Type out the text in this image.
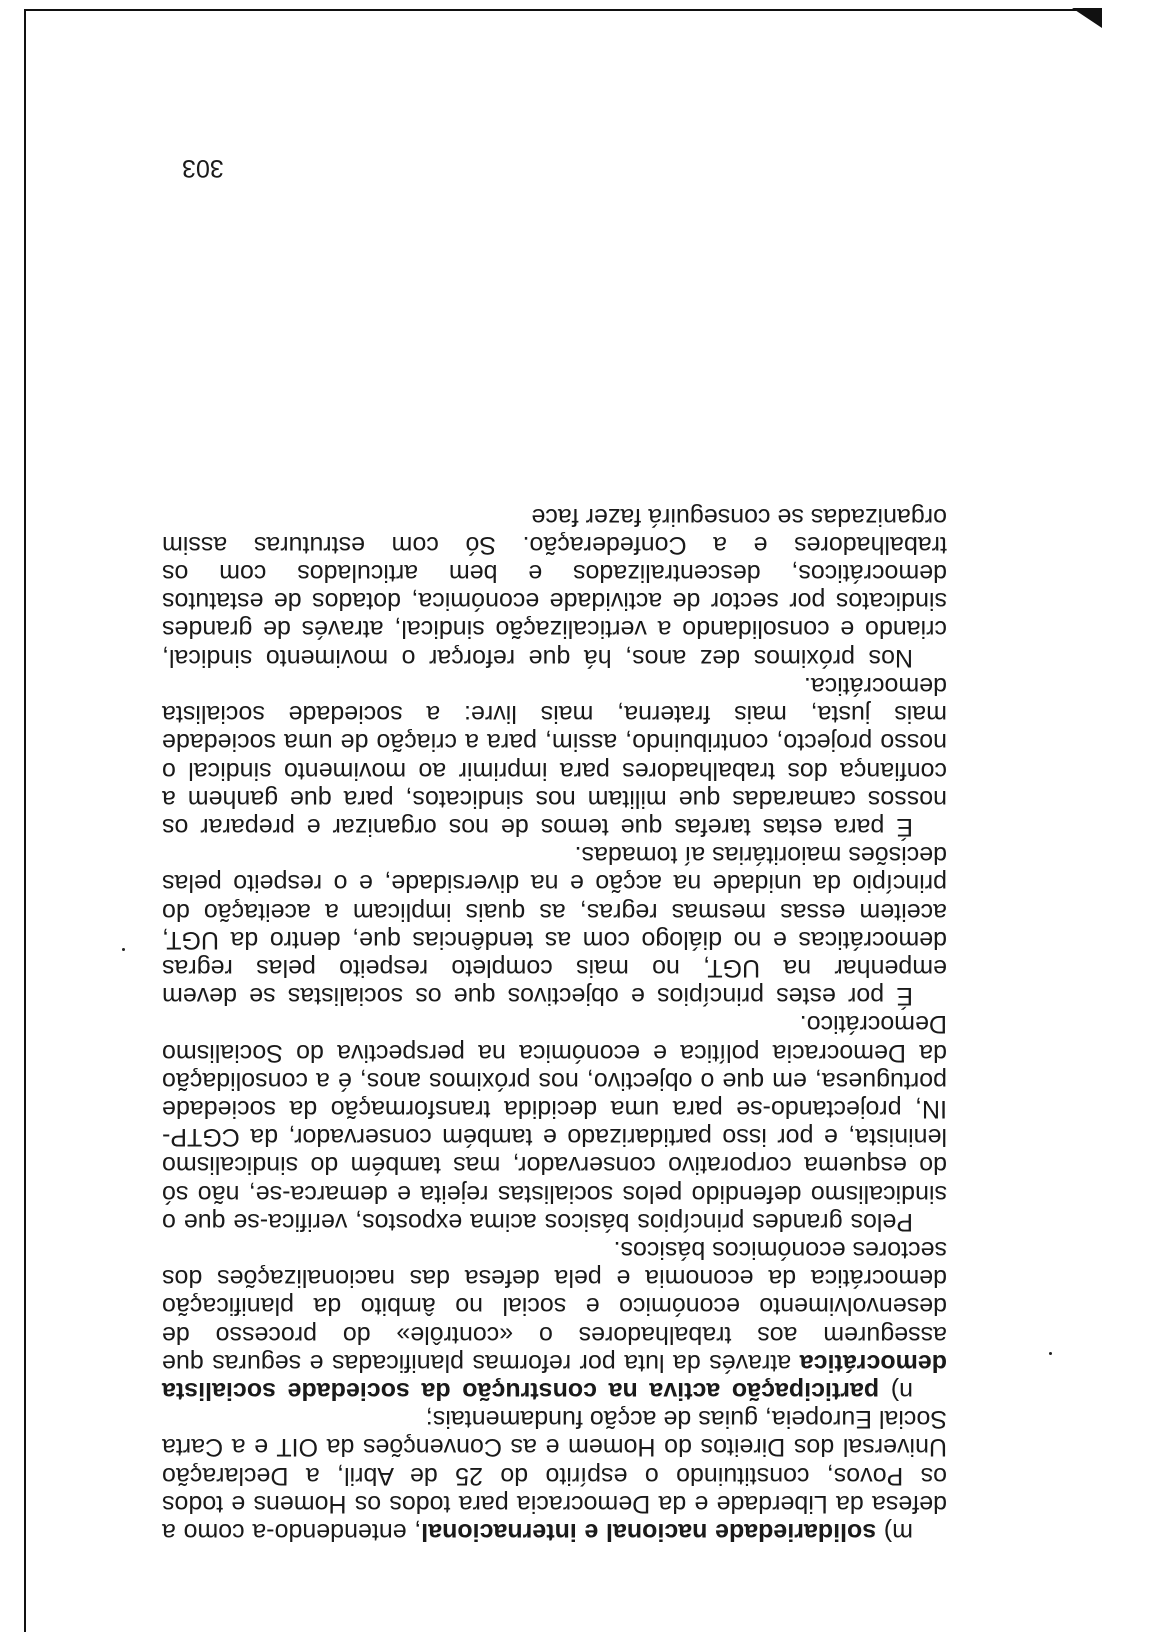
m) solidariedade nacional e internacional, entendendo-a como a defesa da Liberdade e da Democracia para todos os Homens e todos os Povos, constituindo o espírito do 25 de Abril, a Declaração Universal dos Direitos do Homem e as Convenções da OIT e a Carta Social Europeia, guias de acção fundamentais;

n) participação activa na construção da sociedade socialista democrática através da luta por reformas planificadas e seguras que assegurem aos trabalhadores o «contrôle» do processo de desenvolvimento económico e social no âmbito da planificação democrática da economia e pela defesa das nacionalizações dos sectores económicos básicos.

Pelos grandes princípios básicos acima expostos, verifica-se que o sindicalismo defendido pelos socialistas rejeita e demarca-se, não só do esquema corporativo conservador, mas também do sindicalismo leninista, e por isso partidarizado e também conservador, da CGTP-IN, projectando-se para uma decidida transformação da sociedade portuguesa, em que o objectivo, nos próximos anos, é a consolidação da Democracia política e económica na perspectiva do Socialismo Democrático.

É por estes princípios e objectivos que os socialistas se devem empenhar na UGT, no mais completo respeito pelas regras democráticas e no diálogo com as tendências que, dentro da UGT, aceitem essas mesmas regras, as quais implicam a aceitação do princípio da unidade na acção e na diversidade, e o respeito pelas decisões maioritárias aí tomadas.

É para estas tarefas que temos de nos organizar e preparar os nossos camaradas que militam nos sindicatos, para que ganhem a confiança dos trabalhadores para imprimir ao movimento sindical o nosso projecto, contribuindo, assim, para a criação de uma sociedade mais justa, mais fraterna, mais livre: a sociedade socialista democrática.

Nos próximos dez anos, há que reforçar o movimento sindical, criando e consolidando a verticalização sindical, através de grandes sindicatos por sector de actividade económica, dotados de estatutos democráticos, descentralizados e bem articulados com os trabalhadores e a Confederação. Só com estruturas assim organizadas se conseguirá fazer face

303
